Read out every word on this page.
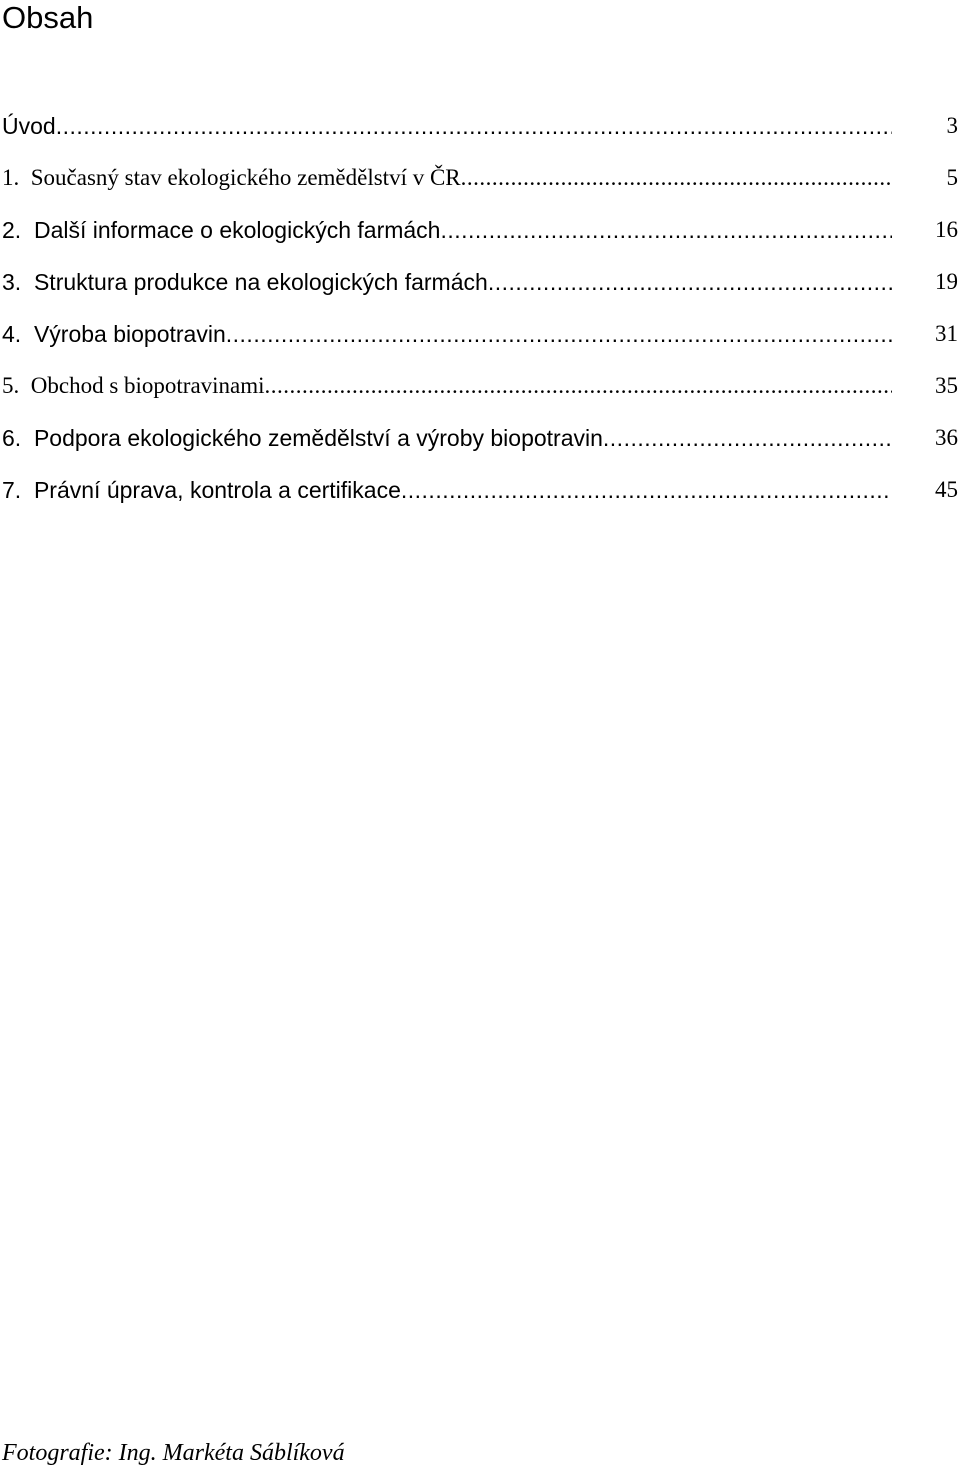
Obsah
Úvod .....	3
1. Současný stav ekologického zemědělství v ČR .....	5
2. Další informace o ekologických farmách .....	16
3. Struktura produkce na ekologických farmách .....	19
4. Výroba biopotravin .....	31
5. Obchod s biopotravinami .....	35
6. Podpora ekologického zemědělství a výroby biopotravin .....	36
7. Právní úprava, kontrola a certifikace .....	45

Fotografie: Ing. Markéta Sáblíková
